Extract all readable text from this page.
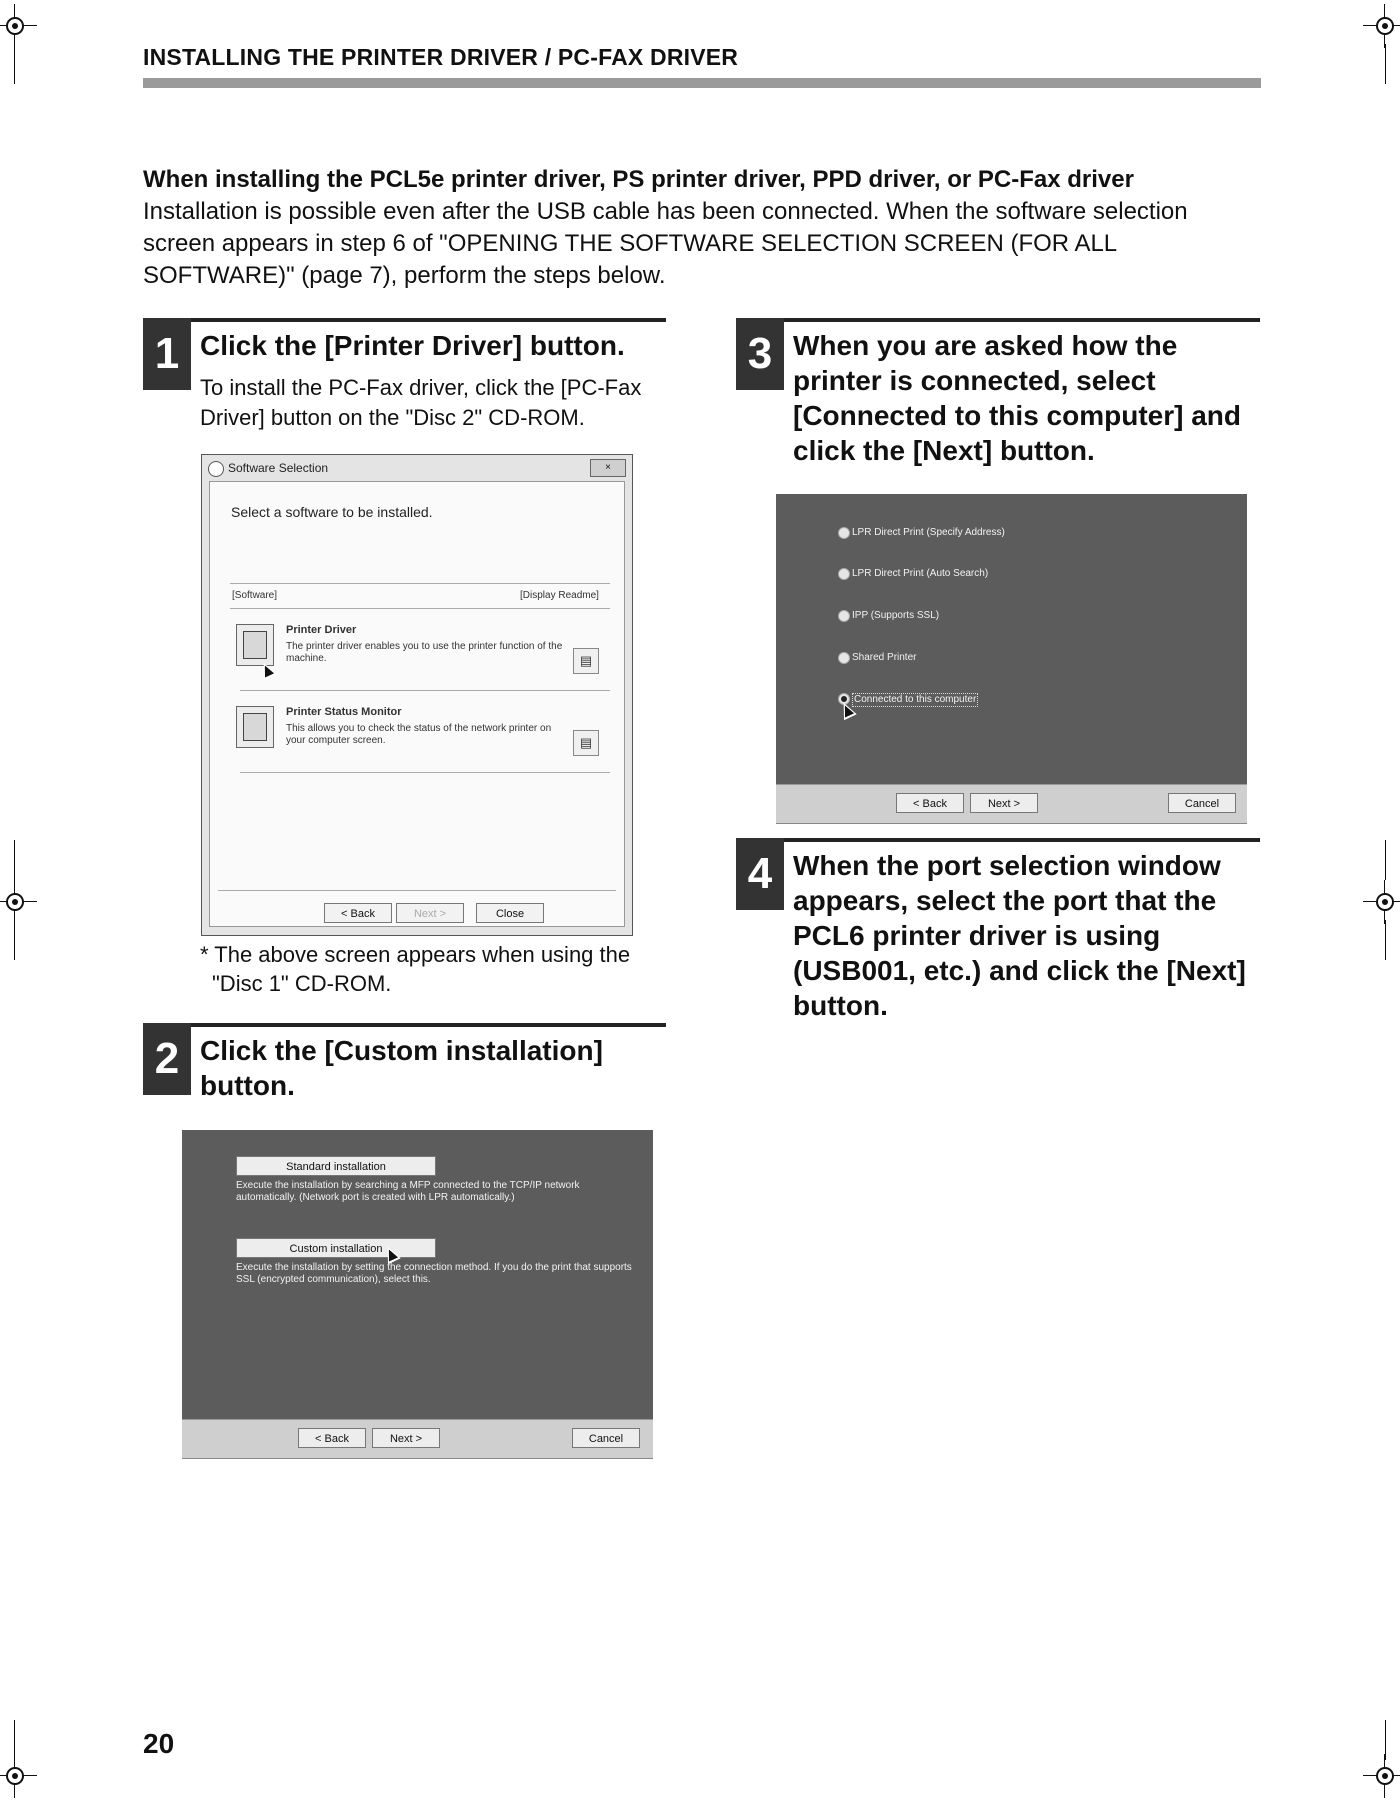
INSTALLING THE PRINTER DRIVER / PC-FAX DRIVER
When installing the PCL5e printer driver, PS printer driver, PPD driver, or PC-Fax driver
Installation is possible even after the USB cable has been connected. When the software selection screen appears in step 6 of "OPENING THE SOFTWARE SELECTION SCREEN (FOR ALL SOFTWARE)" (page 7), perform the steps below.
1 Click the [Printer Driver] button.
To install the PC-Fax driver, click the [PC-Fax Driver] button on the "Disc 2" CD-ROM.
Software Selection	×
Select a software to be installed.
[Software]	[Display Readme]
Printer Driver
The printer driver enables you to use the printer function of the machine.	▤
Printer Status Monitor
This allows you to check the status of the network printer on your computer screen.	▤
< Back	Next >	Close
* The above screen appears when using the "Disc 1" CD-ROM.
2 Click the [Custom installation] button.
Standard installation
Execute the installation by searching a MFP connected to the TCP/IP network automatically. (Network port is created with LPR automatically.)
Custom installation
Execute the installation by setting the connection method. If you do the print that supports SSL (encrypted communication), select this.
< Back	Next >	Cancel
3 When you are asked how the printer is connected, select [Connected to this computer] and click the [Next] button.
LPR Direct Print (Specify Address)
LPR Direct Print (Auto Search)
IPP (Supports SSL)
Shared Printer
Connected to this computer
< Back	Next >	Cancel
4 When the port selection window appears, select the port that the PCL6 printer driver is using (USB001, etc.) and click the [Next] button.
20
